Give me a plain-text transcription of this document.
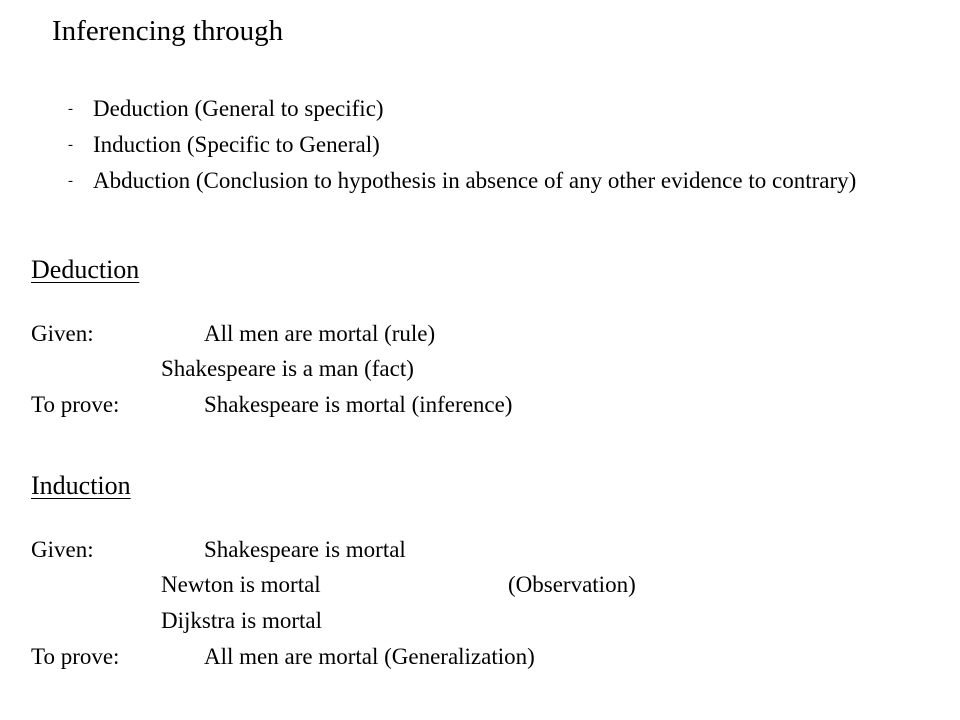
Inferencing through
- Deduction (General to specific)
- Induction (Specific to General)
- Abduction (Conclusion to hypothesis in absence of any other evidence to contrary)
Deduction
Given:	All men are mortal (rule)
Shakespeare is a man (fact)
To prove:	Shakespeare is mortal (inference)
Induction
Given:	Shakespeare is mortal
Newton is mortal	(Observation)
Dijkstra is mortal
To prove:	All men are mortal (Generalization)
